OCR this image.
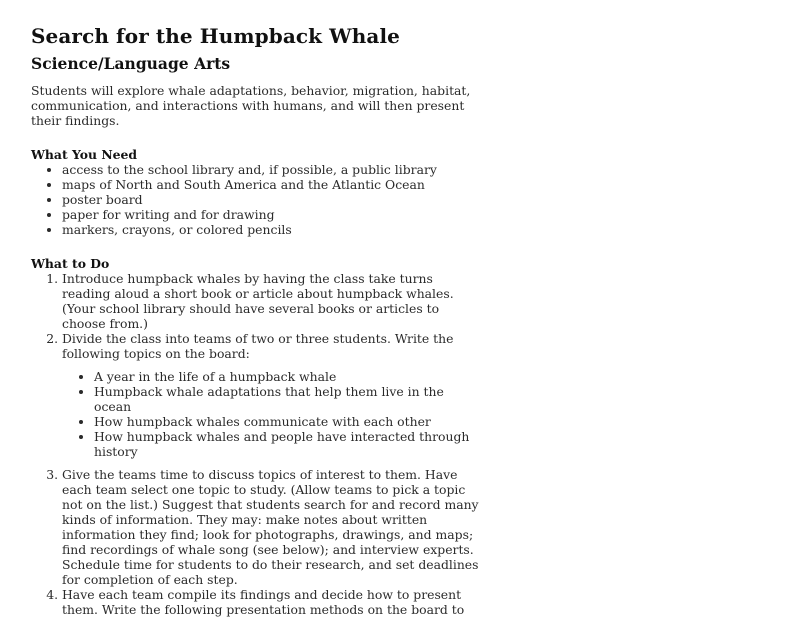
Search for the Humpback Whale
Science/Language Arts

Students will explore whale adaptations, behavior, migration, habitat, communication, and interactions with humans, and will then present their findings.

What You Need
• access to the school library and, if possible, a public library
• maps of North and South America and the Atlantic Ocean
• poster board
• paper for writing and for drawing
• markers, crayons, or colored pencils
What to Do
1. Introduce humpback whales by having the class take turns reading aloud a short book or article about humpback whales. (Your school library should have several books or articles to choose from.)
2. Divide the class into teams of two or three students. Write the following topics on the board:
• A year in the life of a humpback whale
• Humpback whale adaptations that help them live in the ocean
• How humpback whales communicate with each other
• How humpback whales and people have interacted through history
3. Give the teams time to discuss topics of interest to them. Have each team select one topic to study. (Allow teams to pick a topic not on the list.) Suggest that students search for and record many kinds of information. They may: make notes about written information they find; look for photographs, drawings, and maps; find recordings of whale song (see below); and interview experts. Schedule time for students to do their research, and set deadlines for completion of each step.
4. Have each team compile its findings and decide how to present them. Write the following presentation methods on the board to
